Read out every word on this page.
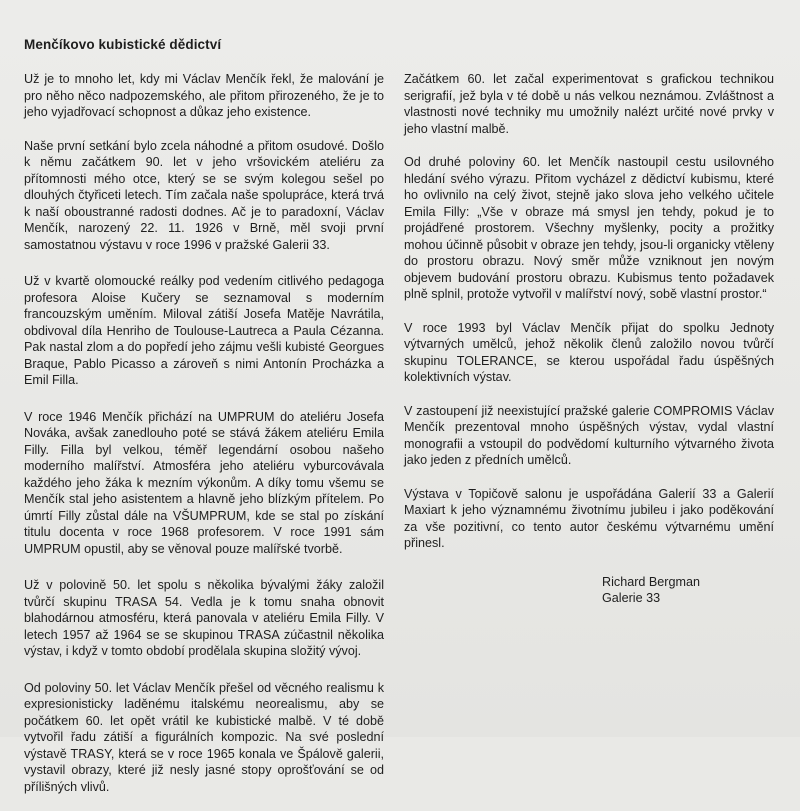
Menčíkovo kubistické dědictví

Už je to mnoho let, kdy mi Václav Menčík řekl, že malování je pro něho něco nadpozemského, ale přitom přirozeného, že je to jeho vyjadřovací schopnost a důkaz jeho existence.

Naše první setkání bylo zcela náhodné a přitom osudové. Došlo k němu začátkem 90. let v jeho vršovickém ateliéru za přítomnosti mého otce, který se se svým kolegou sešel po dlouhých čtyřiceti letech. Tím začala naše spolupráce, která trvá k naší oboustranné radosti dodnes. Ač je to paradoxní, Václav Menčík, narozený 22. 11. 1926 v Brně, měl svoji první samostatnou výstavu v roce 1996 v pražské Galerii 33.

Už v kvartě olomoucké reálky pod vedením citlivého pedagoga profesora Aloise Kučery se seznamoval s moderním francouzským uměním. Miloval zátiší Josefa Matěje Navrátila, obdivoval díla Henriho de Toulouse-Lautreca a Paula Cézanna. Pak nastal zlom a do popředí jeho zájmu vešli kubisté Georgues Braque, Pablo Picasso a zároveň s nimi Antonín Procházka a Emil Filla.

V roce 1946 Menčík přichází na UMPRUM do ateliéru Josefa Nováka, avšak zanedlouho poté se stává žákem ateliéru Emila Filly. Filla byl velkou, téměř legendární osobou našeho moderního malířství. Atmosféra jeho ateliéru vyburcovávala každého jeho žáka k mezním výkonům. A díky tomu všemu se Menčík stal jeho asistentem a hlavně jeho blízkým přítelem. Po úmrtí Filly zůstal dále na VŠUMPRUM, kde se stal po získání titulu docenta v roce 1968 profesorem. V roce 1991 sám UMPRUM opustil, aby se věnoval pouze malířské tvorbě.

Už v polovině 50. let spolu s několika bývalými žáky založil tvůrčí skupinu TRASA 54. Vedla je k tomu snaha obnovit blahodárnou atmosféru, která panovala v ateliéru Emila Filly. V letech 1957 až 1964 se se skupinou TRASA zúčastnil několika výstav, i když v tomto období prodělala skupina složitý vývoj.

Od poloviny 50. let Václav Menčík přešel od věcného realismu k expresionisticky laděnému italskému neorealismu, aby se počátkem 60. let opět vrátil ke kubistické malbě. V té době vytvořil řadu zátiší a figurálních kompozic. Na své poslední výstavě TRASY, která se v roce 1965 konala ve Špálově galerii, vystavil obrazy, které již nesly jasné stopy oprošťování se od přílišných vlivů.

Začátkem 60. let začal experimentovat s grafickou technikou serigrafií, jež byla v té době u nás velkou neznámou. Zvláštnost a vlastnosti nové techniky mu umožnily nalézt určité nové prvky v jeho vlastní malbě.

Od druhé poloviny 60. let Menčík nastoupil cestu usilovného hledání svého výrazu. Přitom vycházel z dědictví kubismu, které ho ovlivnilo na celý život, stejně jako slova jeho velkého učitele Emila Filly: „Vše v obraze má smysl jen tehdy, pokud je to projádřené prostorem. Všechny myšlenky, pocity a prožitky mohou účinně působit v obraze jen tehdy, jsou-li organicky vtěleny do prostoru obrazu. Nový směr může vzniknout jen novým objevem budování prostoru obrazu. Kubismus tento požadavek plně splnil, protože vytvořil v malířství nový, sobě vlastní prostor.“

V roce 1993 byl Václav Menčík přijat do spolku Jednoty výtvarných umělců, jehož několik členů založilo novou tvůrčí skupinu TOLERANCE, se kterou uspořádal řadu úspěšných kolektivních výstav.

V zastoupení již neexistující pražské galerie COMPROMIS Václav Menčík prezentoval mnoho úspěšných výstav, vydal vlastní monografii a vstoupil do podvědomí kulturního výtvarného života jako jeden z předních umělců.

Výstava v Topičově salonu je uspořádána Galerií 33 a Galerií Maxiart k jeho významnému životnímu jubileu i jako poděkování za vše pozitivní, co tento autor českému výtvarnému umění přinesl.

Richard Bergman
Galerie 33
